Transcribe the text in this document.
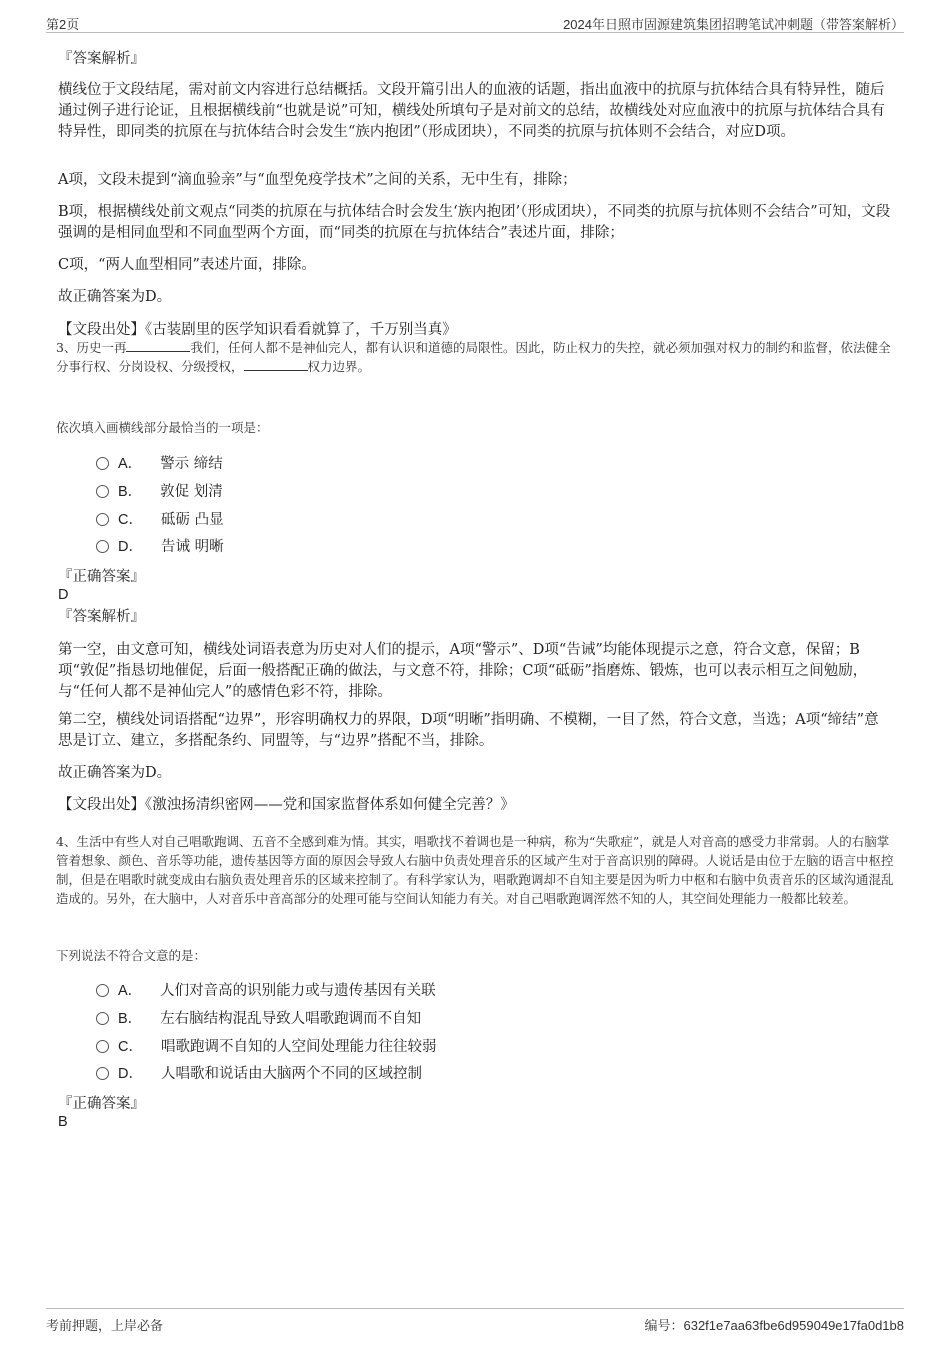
第2页	2024年日照市固源建筑集团招聘笔试冲刺题（带答案解析）
『答案解析』
横线位于文段结尾，需对前文内容进行总结概括。文段开篇引出人的血液的话题，指出血液中的抗原与抗体结合具有特异性，随后通过例子进行论证，且根据横线前“也就是说”可知，横线处所填句子是对前文的总结，故横线处对应血液中的抗原与抗体结合具有特异性，即同类的抗原在与抗体结合时会发生“族内抱团”（形成团块），不同类的抗原与抗体则不会结合，对应D项。
A项，文段未提到“滴血验亲”与“血型免疫学技术”之间的关系，无中生有，排除；
B项，根据横线处前文观点“同类的抗原在与抗体结合时会发生‘族内抱团’（形成团块），不同类的抗原与抗体则不会结合”可知，文段强调的是相同血型和不同血型两个方面，而“同类的抗原在与抗体结合”表述片面，排除；
C项，“两人血型相同”表述片面，排除。
故正确答案为D。
【文段出处】《古装剧里的医学知识看看就算了，千万别当真》
3、历史一再	我们，任何人都不是神仙完人，都有认识和道德的局限性。因此，防止权力的失控，就必须加强对权力的制约和监督，依法健全分事行权、分岗设权、分级授权，	权力边界。
依次填入画横线部分最恰当的一项是：
A． 警示 缔结
B． 敦促 划清
C． 砥砺 凸显
D． 告诫 明晰
『正确答案』
D
『答案解析』
第一空，由文意可知，横线处词语表意为历史对人们的提示，A项“警示”、D项“告诫”均能体现提示之意，符合文意，保留；B项“敦促”指恳切地催促，后面一般搭配正确的做法，与文意不符，排除；C项“砥砺”指磨炼、锻炼，也可以表示相互之间勉励，与“任何人都不是神仙完人”的感情色彩不符，排除。
第二空，横线处词语搭配“边界”，形容明确权力的界限，D项“明晰”指明确、不模糊，一目了然，符合文意，当选；A项“缔结”意思是订立、建立，多搭配条约、同盟等，与“边界”搭配不当，排除。
故正确答案为D。
【文段出处】《激浊扬清织密网——党和国家监督体系如何健全完善？》
4、生活中有些人对自己唱歌跑调、五音不全感到难为情。其实，唱歌找不着调也是一种病，称为“失歌症”，就是人对音高的感受力非常弱。人的右脑掌管着想象、颜色、音乐等功能，遗传基因等方面的原因会导致人右脑中负责处理音乐的区域产生对于音高识别的障碍。人说话是由位于左脑的语言中枢控制，但是在唱歌时就变成由右脑负责处理音乐的区域来控制了。有科学家认为，唱歌跑调却不自知主要是因为听力中枢和右脑中负责音乐的区域沟通混乱造成的。另外，在大脑中，人对音乐中音高部分的处理可能与空间认知能力有关。对自己唱歌跑调浑然不知的人，其空间处理能力一般都比较差。
下列说法不符合文意的是：
A． 人们对音高的识别能力或与遗传基因有关联
B． 左右脑结构混乱导致人唱歌跑调而不自知
C． 唱歌跑调不自知的人空间处理能力往往较弱
D． 人唱歌和说话由大脑两个不同的区域控制
『正确答案』
B
考前押题，上岸必备	编号：632f1e7aa63fbe6d959049e17fa0d1b8
